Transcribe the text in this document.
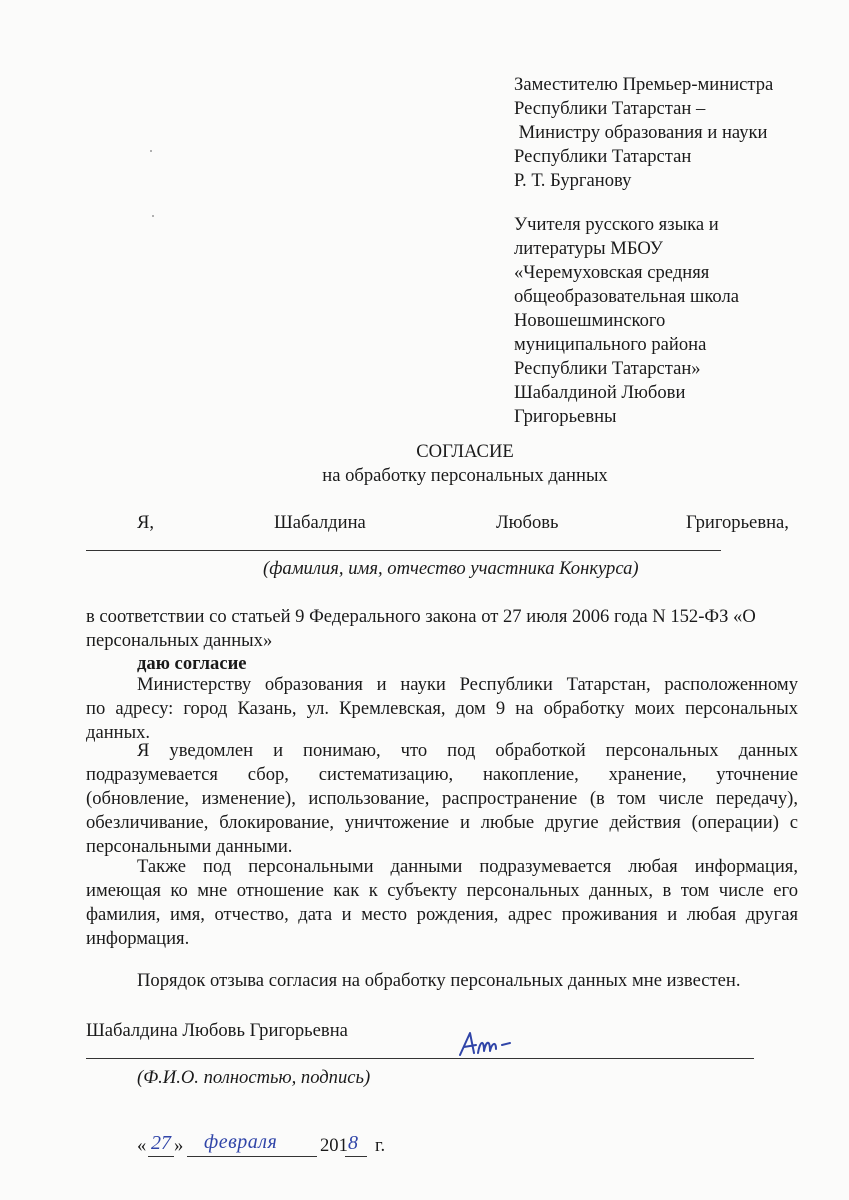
Заместителю Премьер-министра
Республики Татарстан –
Министру образования и науки
Республики Татарстан
Р. Т. Бурганову
Учителя русского языка и
литературы МБОУ
«Черемуховская средняя
общеобразовательная школа
Новошешминского
муниципального района
Республики Татарстан»
Шабалдиной Любови
Григорьевны
СОГЛАСИЕ
на обработку персональных данных
Я,	Шабалдина	Любовь	Григорьевна,
(фамилия, имя, отчество участника Конкурса)
в соответствии со статьей 9 Федерального закона от 27 июля 2006 года N 152-ФЗ «О
персональных данных»
даю согласие
Министерству образования и науки Республики Татарстан, расположенному
по адресу: город Казань, ул. Кремлевская, дом 9 на обработку моих персональных
данных.
Я уведомлен и понимаю, что под обработкой персональных данных
подразумевается сбор, систематизацию, накопление, хранение, уточнение
(обновление, изменение), использование, распространение (в том числе передачу),
обезличивание, блокирование, уничтожение и любые другие действия (операции) с
персональными данными.
Также под персональными данными подразумевается любая информация,
имеющая ко мне отношение как к субъекту персональных данных, в том числе его
фамилия, имя, отчество, дата и место рождения, адрес проживания и любая другая
информация.
Порядок отзыва согласия на обработку персональных данных мне известен.
Шабалдина Любовь Григорьевна
(Ф.И.О. полностью, подпись)
« 27 » февраля 201 8 г.
